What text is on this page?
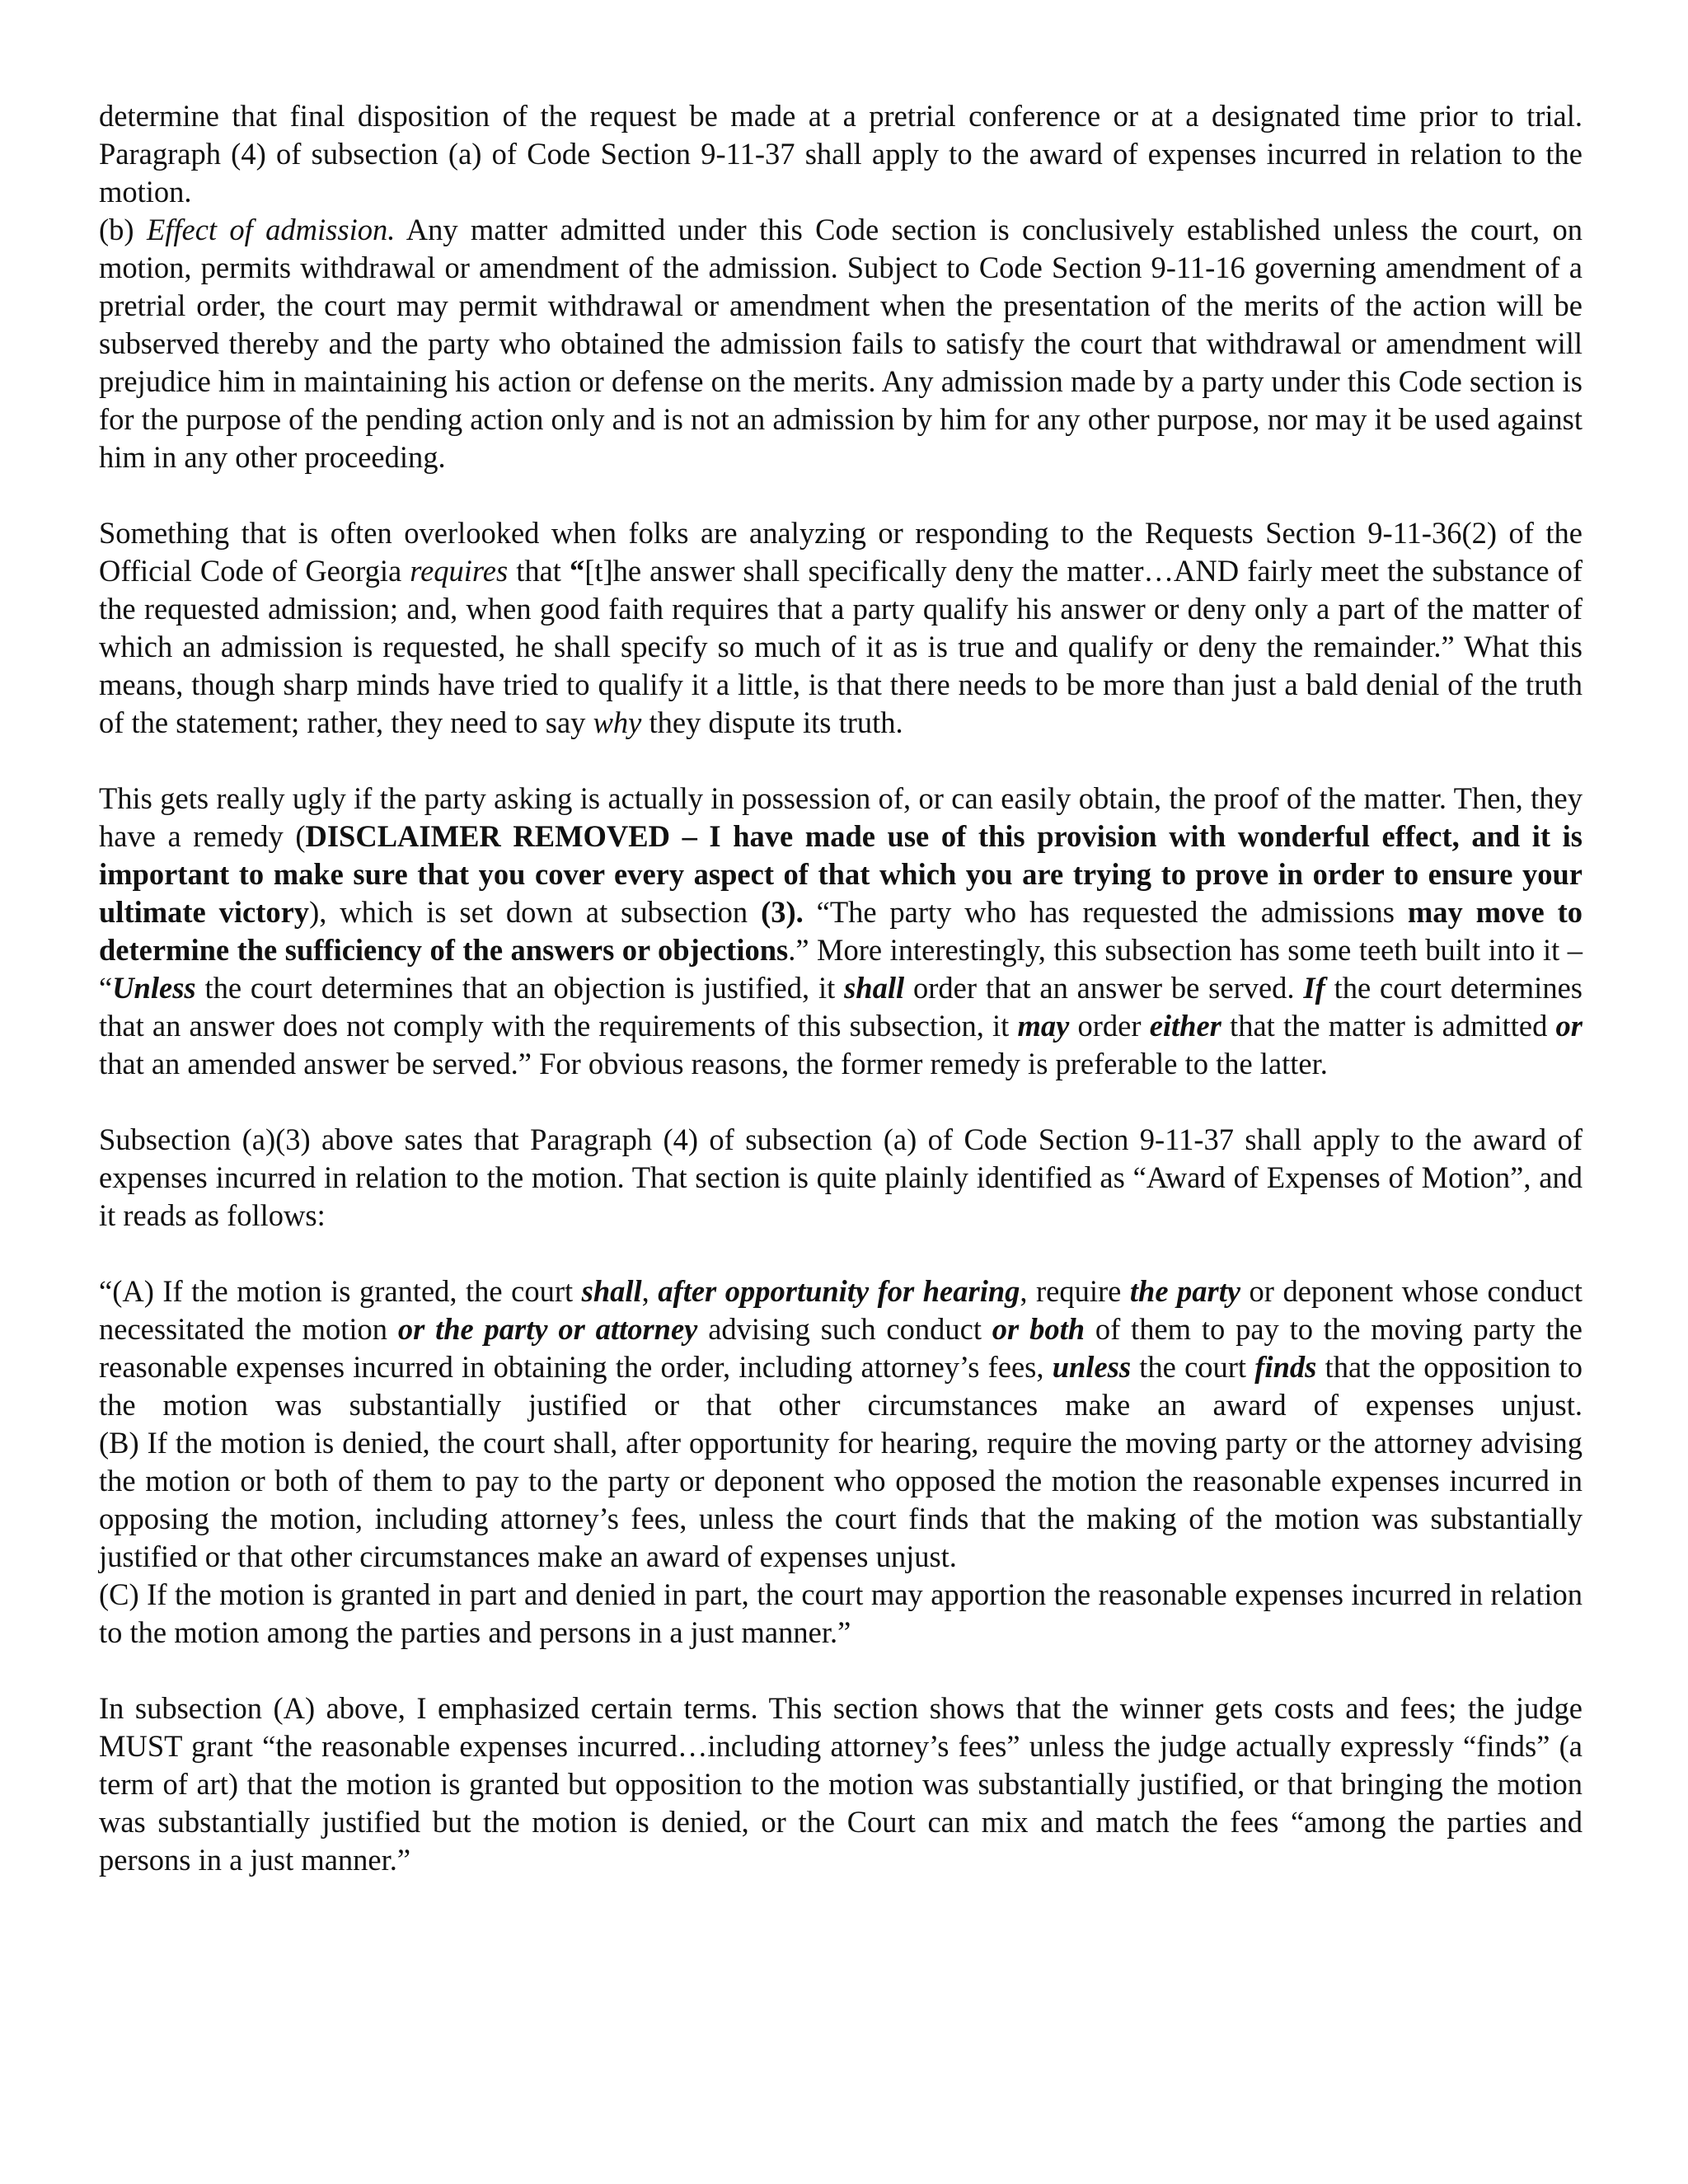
determine that final disposition of the request be made at a pretrial conference or at a designated time prior to trial. Paragraph (4) of subsection (a) of Code Section 9-11-37 shall apply to the award of expenses incurred in relation to the motion.
(b) Effect of admission. Any matter admitted under this Code section is conclusively established unless the court, on motion, permits withdrawal or amendment of the admission. Subject to Code Section 9-11-16 governing amendment of a pretrial order, the court may permit withdrawal or amendment when the presentation of the merits of the action will be subserved thereby and the party who obtained the admission fails to satisfy the court that withdrawal or amendment will prejudice him in maintaining his action or defense on the merits. Any admission made by a party under this Code section is for the purpose of the pending action only and is not an admission by him for any other purpose, nor may it be used against him in any other proceeding.
Something that is often overlooked when folks are analyzing or responding to the Requests Section 9-11-36(2) of the Official Code of Georgia requires that “[t]he answer shall specifically deny the matter…AND fairly meet the substance of the requested admission; and, when good faith requires that a party qualify his answer or deny only a part of the matter of which an admission is requested, he shall specify so much of it as is true and qualify or deny the remainder.” What this means, though sharp minds have tried to qualify it a little, is that there needs to be more than just a bald denial of the truth of the statement; rather, they need to say why they dispute its truth.
This gets really ugly if the party asking is actually in possession of, or can easily obtain, the proof of the matter. Then, they have a remedy (DISCLAIMER REMOVED – I have made use of this provision with wonderful effect, and it is important to make sure that you cover every aspect of that which you are trying to prove in order to ensure your ultimate victory), which is set down at subsection (3). “The party who has requested the admissions may move to determine the sufficiency of the answers or objections.” More interestingly, this subsection has some teeth built into it – “Unless the court determines that an objection is justified, it shall order that an answer be served. If the court determines that an answer does not comply with the requirements of this subsection, it may order either that the matter is admitted or that an amended answer be served.” For obvious reasons, the former remedy is preferable to the latter.
Subsection (a)(3) above sates that Paragraph (4) of subsection (a) of Code Section 9-11-37 shall apply to the award of expenses incurred in relation to the motion. That section is quite plainly identified as “Award of Expenses of Motion”, and it reads as follows:
“(A) If the motion is granted, the court shall, after opportunity for hearing, require the party or deponent whose conduct necessitated the motion or the party or attorney advising such conduct or both of them to pay to the moving party the reasonable expenses incurred in obtaining the order, including attorney’s fees, unless the court finds that the opposition to the motion was substantially justified or that other circumstances make an award of expenses unjust.
(B) If the motion is denied, the court shall, after opportunity for hearing, require the moving party or the attorney advising the motion or both of them to pay to the party or deponent who opposed the motion the reasonable expenses incurred in opposing the motion, including attorney’s fees, unless the court finds that the making of the motion was substantially justified or that other circumstances make an award of expenses unjust.
(C) If the motion is granted in part and denied in part, the court may apportion the reasonable expenses incurred in relation to the motion among the parties and persons in a just manner.”
In subsection (A) above, I emphasized certain terms. This section shows that the winner gets costs and fees; the judge MUST grant “the reasonable expenses incurred…including attorney’s fees” unless the judge actually expressly “finds” (a term of art) that the motion is granted but opposition to the motion was substantially justified, or that bringing the motion was substantially justified but the motion is denied, or the Court can mix and match the fees “among the parties and persons in a just manner.”
